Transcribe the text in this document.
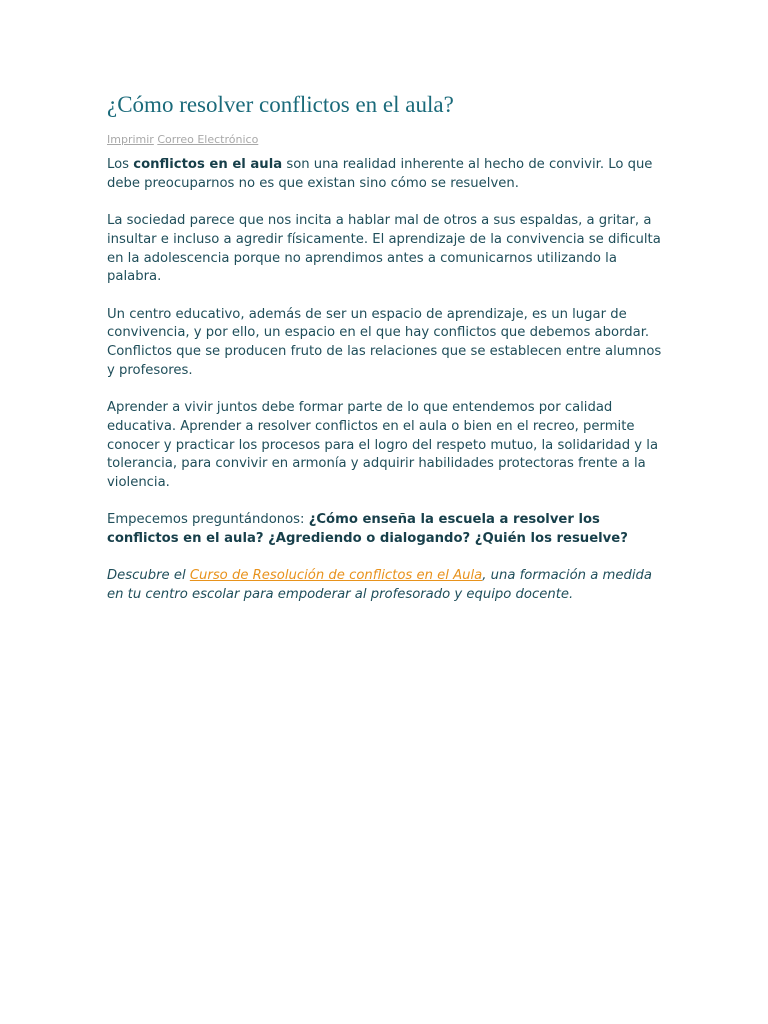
¿Cómo resolver conflictos en el aula?
Imprimir Correo Electrónico

Los conflictos en el aula son una realidad inherente al hecho de convivir. Lo que debe preocuparnos no es que existan sino cómo se resuelven.

La sociedad parece que nos incita a hablar mal de otros a sus espaldas, a gritar, a insultar e incluso a agredir físicamente. El aprendizaje de la convivencia se dificulta en la adolescencia porque no aprendimos antes a comunicarnos utilizando la palabra.

Un centro educativo, además de ser un espacio de aprendizaje, es un lugar de convivencia, y por ello, un espacio en el que hay conflictos que debemos abordar. Conflictos que se producen fruto de las relaciones que se establecen entre alumnos y profesores.

Aprender a vivir juntos debe formar parte de lo que entendemos por calidad educativa. Aprender a resolver conflictos en el aula o bien en el recreo, permite conocer y practicar los procesos para el logro del respeto mutuo, la solidaridad y la tolerancia, para convivir en armonía y adquirir habilidades protectoras frente a la violencia.

Empecemos preguntándonos: ¿Cómo enseña la escuela a resolver los conflictos en el aula? ¿Agrediendo o dialogando? ¿Quién los resuelve?

Descubre el Curso de Resolución de conflictos en el Aula, una formación a medida en tu centro escolar para empoderar al profesorado y equipo docente.
